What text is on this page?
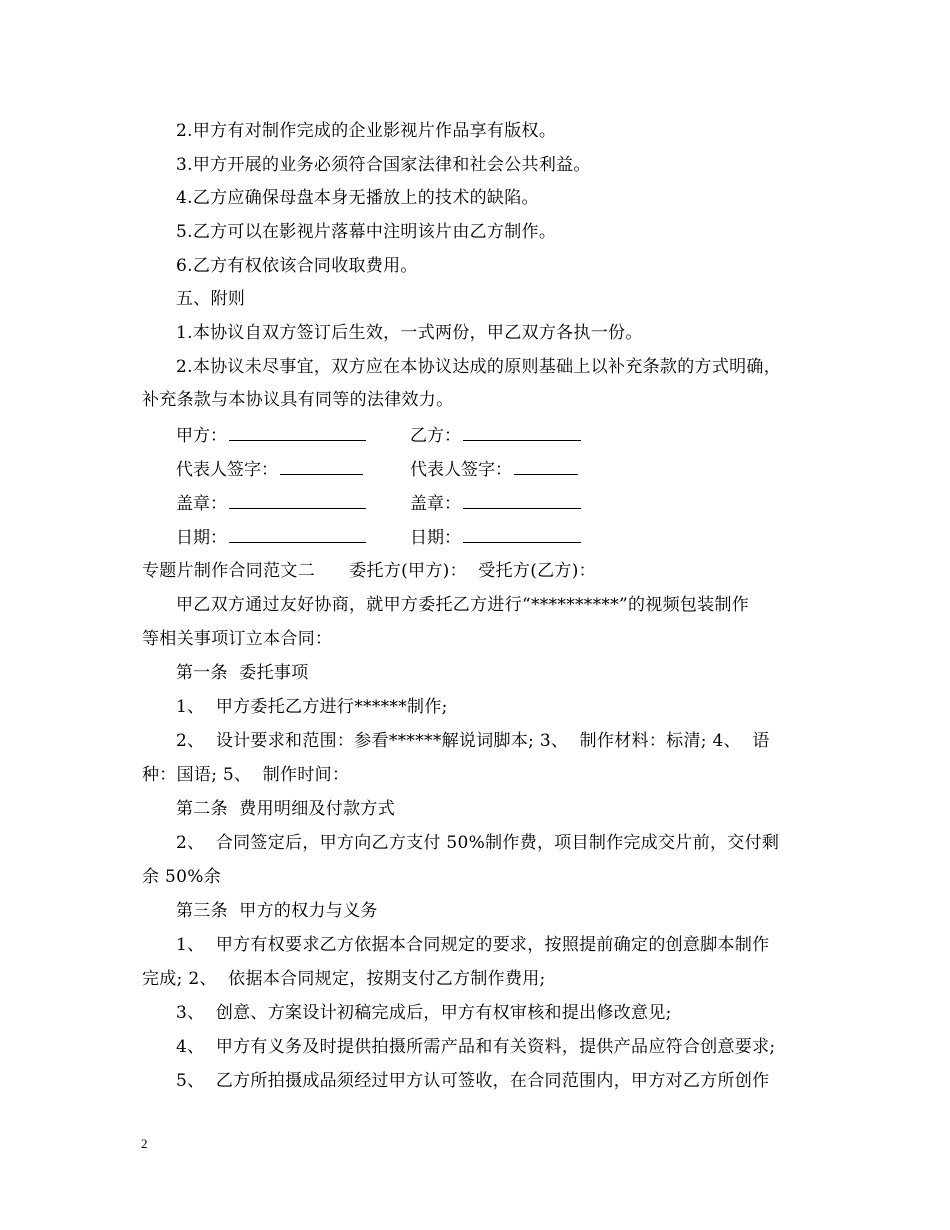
2.甲方有对制作完成的企业影视片作品享有版权。
3.甲方开展的业务必须符合国家法律和社会公共利益。
4.乙方应确保母盘本身无播放上的技术的缺陷。
5.乙方可以在影视片落幕中注明该片由乙方制作。
6.乙方有权依该合同收取费用。
五、附则
1.本协议自双方签订后生效，一式两份，甲乙双方各执一份。
2.本协议未尽事宜，双方应在本协议达成的原则基础上以补充条款的方式明确，
补充条款与本协议具有同等的法律效力。
甲方：	乙方：
代表人签字：	代表人签字：
盖章：	盖章：
日期：	日期：
专题片制作合同范文二      委托方(甲方)：  受托方(乙方)：
甲乙双方通过友好协商，就甲方委托乙方进行“**********”的视频包装制作
等相关事项订立本合同：
第一条  委托事项
1、  甲方委托乙方进行******制作;
2、  设计要求和范围：参看******解说词脚本; 3、  制作材料：标清; 4、  语
种：国语; 5、  制作时间：
第二条  费用明细及付款方式
2、  合同签定后，甲方向乙方支付 50%制作费，项目制作完成交片前，交付剩
余 50%余
第三条  甲方的权力与义务
1、  甲方有权要求乙方依据本合同规定的要求，按照提前确定的创意脚本制作
完成; 2、  依据本合同规定，按期支付乙方制作费用;
3、  创意、方案设计初稿完成后，甲方有权审核和提出修改意见;
4、  甲方有义务及时提供拍摄所需产品和有关资料，提供产品应符合创意要求;
5、  乙方所拍摄成品须经过甲方认可签收，在合同范围内，甲方对乙方所创作
2
